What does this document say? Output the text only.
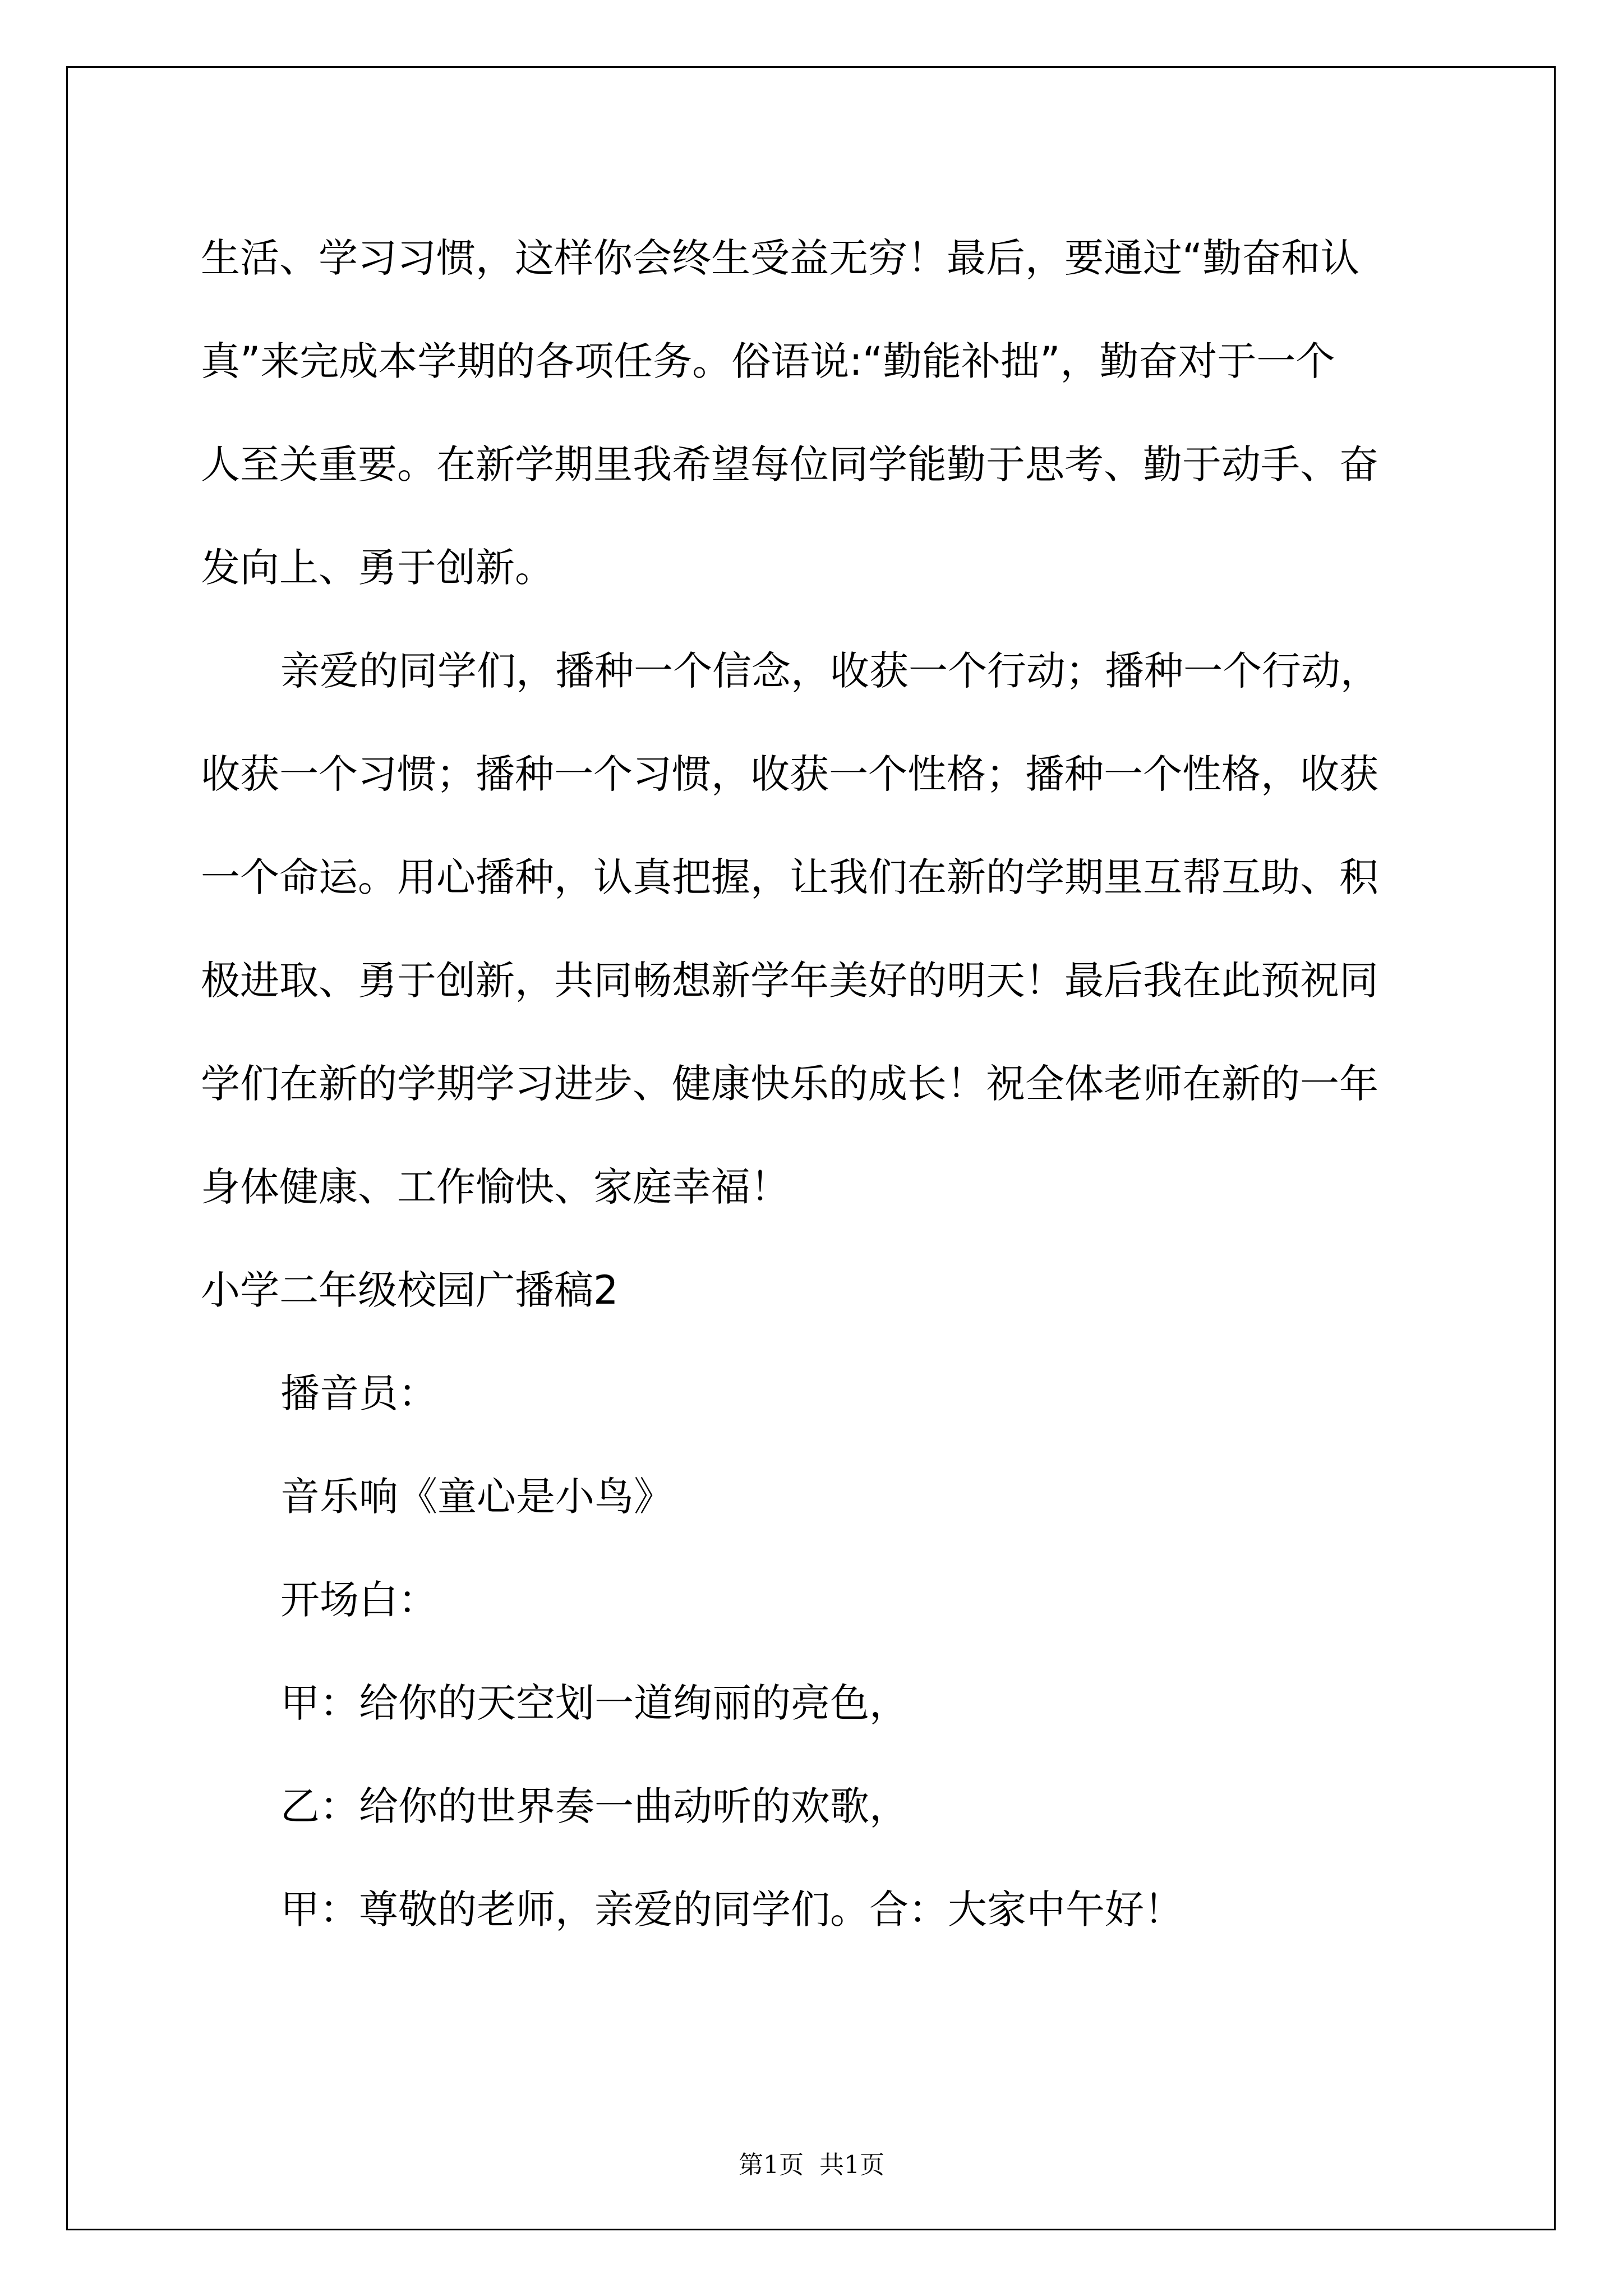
生活、学习习惯，这样你会终生受益无穷！最后，要通过“勤奋和认

真”来完成本学期的各项任务。俗语说:“勤能补拙”，勤奋对于一个

人至关重要。在新学期里我希望每位同学能勤于思考、勤于动手、奋

发向上、勇于创新。

亲爱的同学们，播种一个信念，收获一个行动；播种一个行动，

收获一个习惯；播种一个习惯，收获一个性格；播种一个性格，收获

一个命运。用心播种，认真把握，让我们在新的学期里互帮互助、积

极进取、勇于创新，共同畅想新学年美好的明天！最后我在此预祝同

学们在新的学期学习进步、健康快乐的成长！祝全体老师在新的一年

身体健康、工作愉快、家庭幸福！

小学二年级校园广播稿2

播音员：

音乐响《童心是小鸟》

开场白：

甲：给你的天空划一道绚丽的亮色，

乙：给你的世界奏一曲动听的欢歌，

甲：尊敬的老师，亲爱的同学们。合：大家中午好！

第1页 共1页
